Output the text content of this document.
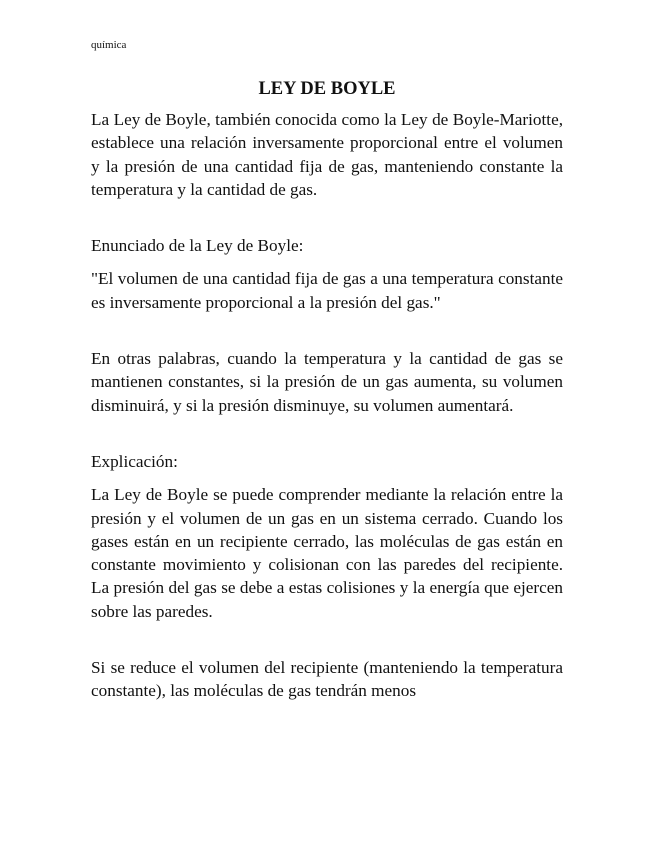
química
LEY DE BOYLE

La Ley de Boyle, también conocida como la Ley de Boyle-Mariotte, establece una relación inversamente proporcional entre el volumen y la presión de una cantidad fija de gas, manteniendo constante la temperatura y la cantidad de gas.

Enunciado de la Ley de Boyle:

"El volumen de una cantidad fija de gas a una temperatura constante es inversamente proporcional a la presión del gas."

En otras palabras, cuando la temperatura y la cantidad de gas se mantienen constantes, si la presión de un gas aumenta, su volumen disminuirá, y si la presión disminuye, su volumen aumentará.

Explicación:

La Ley de Boyle se puede comprender mediante la relación entre la presión y el volumen de un gas en un sistema cerrado. Cuando los gases están en un recipiente cerrado, las moléculas de gas están en constante movimiento y colisionan con las paredes del recipiente. La presión del gas se debe a estas colisiones y la energía que ejercen sobre las paredes.

Si se reduce el volumen del recipiente (manteniendo la temperatura constante), las moléculas de gas tendrán menos
